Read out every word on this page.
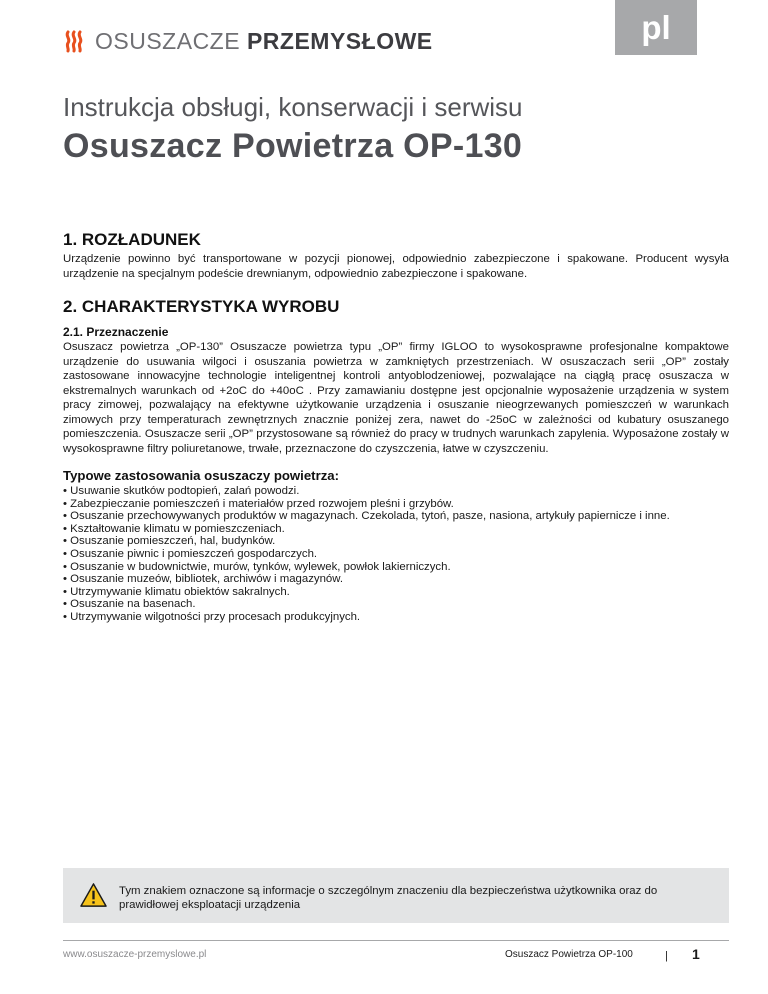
OSUSZACZE PRZEMYSŁOWE	pl
Instrukcja obsługi, konserwacji i serwisu
Osuszacz Powietrza OP-130
1. ROZŁADUNEK

Urządzenie powinno być transportowane w pozycji pionowej, odpowiednio zabezpieczone i spakowane. Producent wysyła urządzenie na specjalnym podeście drewnianym, odpowiednio zabezpieczone i spakowane.

2. CHARAKTERYSTYKA WYROBU
2.1. Przeznaczenie

Osuszacz powietrza „OP-130” Osuszacze powietrza typu „OP” firmy IGLOO to wysokosprawne profesjonalne kompaktowe urządzenie do usuwania wilgoci i osuszania powietrza w zamkniętych przestrzeniach. W osuszaczach serii „OP” zostały zastosowane innowacyjne technologie inteligentnej kontroli antyoblodzeniowej, pozwalające na ciągłą pracę osuszacza w ekstremalnych warunkach od +2oC do +40oC . Przy zamawianiu dostępne jest opcjonalnie wyposażenie urządzenia w system pracy zimowej, pozwalający na efektywne użytkowanie urządzenia i osuszanie nieogrzewanych pomieszczeń w warunkach zimowych przy temperaturach zewnętrznych znacznie poniżej zera, nawet do -25oC w zależności od kubatury osuszanego pomieszczenia. Osuszacze serii „OP” przystosowane są również do pracy w trudnych warunkach zapylenia. Wyposażone zostały w wysokosprawne filtry poliuretanowe, trwałe, przeznaczone do czyszczenia, łatwe w czyszczeniu.

Typowe zastosowania osuszaczy powietrza:
• Usuwanie skutków podtopień, zalań powodzi.
• Zabezpieczanie pomieszczeń i materiałów przed rozwojem pleśni i grzybów.
• Osuszanie przechowywanych produktów w magazynach. Czekolada, tytoń, pasze, nasiona, artykuły papiernicze i inne.
• Kształtowanie klimatu w pomieszczeniach.
• Osuszanie pomieszczeń, hal, budynków.
• Osuszanie piwnic i pomieszczeń gospodarczych.
• Osuszanie w budownictwie, murów, tynków, wylewek, powłok lakierniczych.
• Osuszanie muzeów, bibliotek, archiwów i magazynów.
• Utrzymywanie klimatu obiektów sakralnych.
• Osuszanie na basenach.
• Utrzymywanie wilgotności przy procesach produkcyjnych.
Tym znakiem oznaczone są informacje o szczególnym znaczeniu dla bezpieczeństwa użytkownika oraz do prawidłowej eksploatacji urządzenia
www.osuszacze-przemyslowe.pl	Osuszacz Powietrza OP-100	| 1
